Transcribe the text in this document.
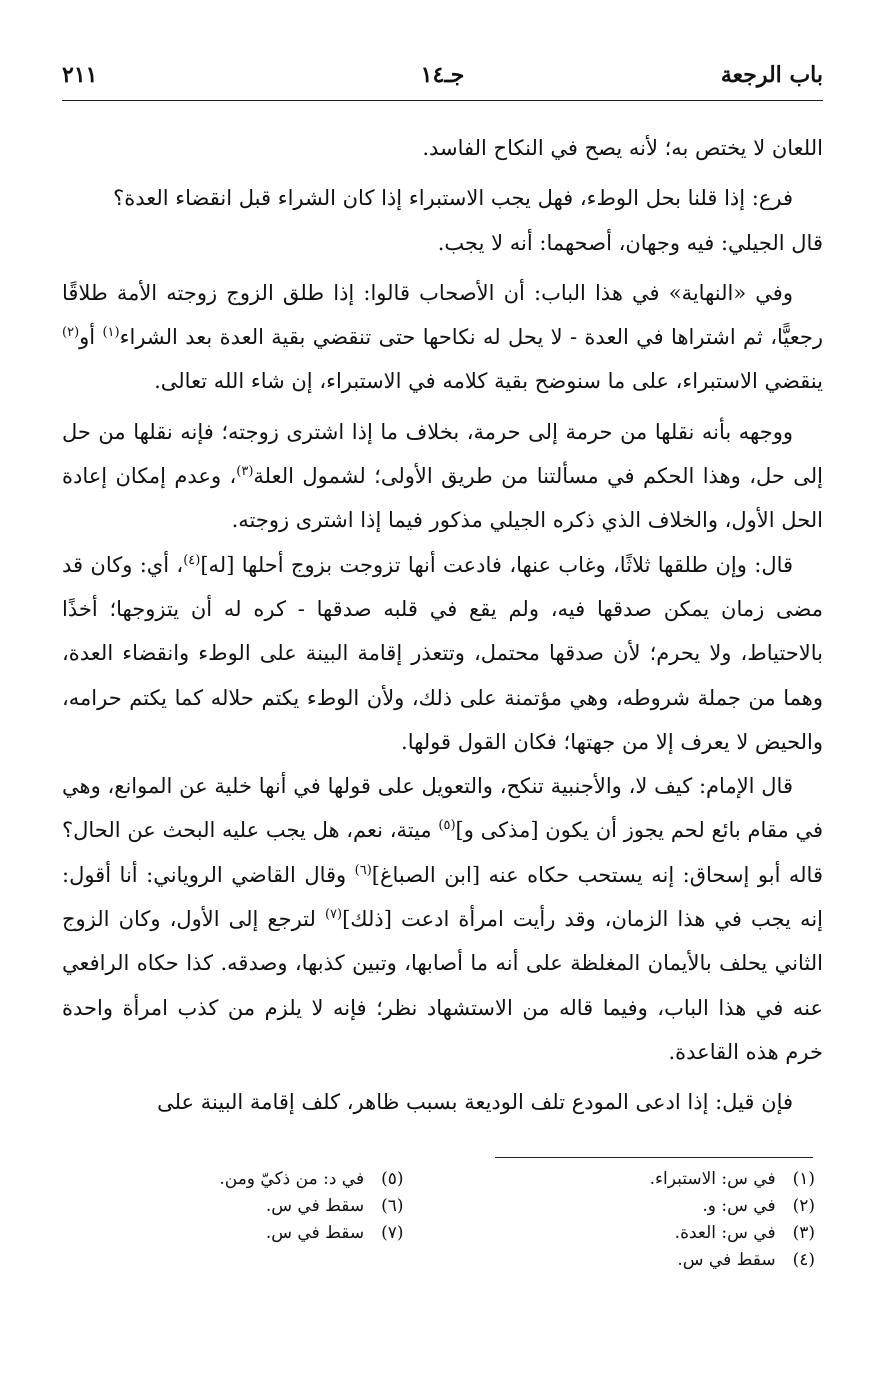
باب الرجعة
جـ١٤
٢١١

اللعان لا يختص به؛ لأنه يصح في النكاح الفاسد.

فرع: إذا قلنا بحل الوطء، فهل يجب الاستبراء إذا كان الشراء قبل انقضاء العدة؟

قال الجيلي: فيه وجهان، أصحهما: أنه لا يجب.

وفي «النهاية» في هذا الباب: أن الأصحاب قالوا: إذا طلق الزوج زوجته الأمة طلاقًا رجعيًّا، ثم اشتراها في العدة - لا يحل له نكاحها حتى تنقضي بقية العدة بعد الشراء$^{(١)}$ أو$^{(٢)}$ ينقضي الاستبراء، على ما سنوضح بقية كلامه في الاستبراء، إن شاء الله تعالى.

ووجهه بأنه نقلها من حرمة إلى حرمة، بخلاف ما إذا اشترى زوجته؛ فإنه نقلها من حل إلى حل، وهذا الحكم في مسألتنا من طريق الأولى؛ لشمول العلة$^{(٣)}$، وعدم إمكان إعادة الحل الأول، والخلاف الذي ذكره الجيلي مذكور فيما إذا اشترى زوجته.

قال: وإن طلقها ثلاثًا، وغاب عنها، فادعت أنها تزوجت بزوج أحلها [له]$^{(٤)}$، أي: وكان قد مضى زمان يمكن صدقها فيه، ولم يقع في قلبه صدقها - كره له أن يتزوجها؛ أخذًا بالاحتياط، ولا يحرم؛ لأن صدقها محتمل، وتتعذر إقامة البينة على الوطء وانقضاء العدة، وهما من جملة شروطه، وهي مؤتمنة على ذلك، ولأن الوطء يكتم حلاله كما يكتم حرامه، والحيض لا يعرف إلا من جهتها؛ فكان القول قولها.

قال الإمام: كيف لا، والأجنبية تنكح، والتعويل على قولها في أنها خلية عن الموانع، وهي في مقام بائع لحم يجوز أن يكون [مذكى و]$^{(٥)}$ ميتة، نعم، هل يجب عليه البحث عن الحال؟ قاله أبو إسحاق: إنه يستحب حكاه عنه [ابن الصباغ]$^{(٦)}$ وقال القاضي الروياني: أنا أقول: إنه يجب في هذا الزمان، وقد رأيت امرأة ادعت [ذلك]$^{(٧)}$ لترجع إلى الأول، وكان الزوج الثاني يحلف بالأيمان المغلظة على أنه ما أصابها، وتبين كذبها، وصدقه. كذا حكاه الرافعي عنه في هذا الباب، وفيما قاله من الاستشهاد نظر؛ فإنه لا يلزم من كذب امرأة واحدة خرم هذه القاعدة.

فإن قيل: إذا ادعى المودع تلف الوديعة بسبب ظاهر، كلف إقامة البينة على

(١) في س: الاستبراء.
(٢) في س: و.
(٣) في س: العدة.
(٤) سقط في س.
(٥) في د: من ذكيّ ومن.
(٦) سقط في س.
(٧) سقط في س.
